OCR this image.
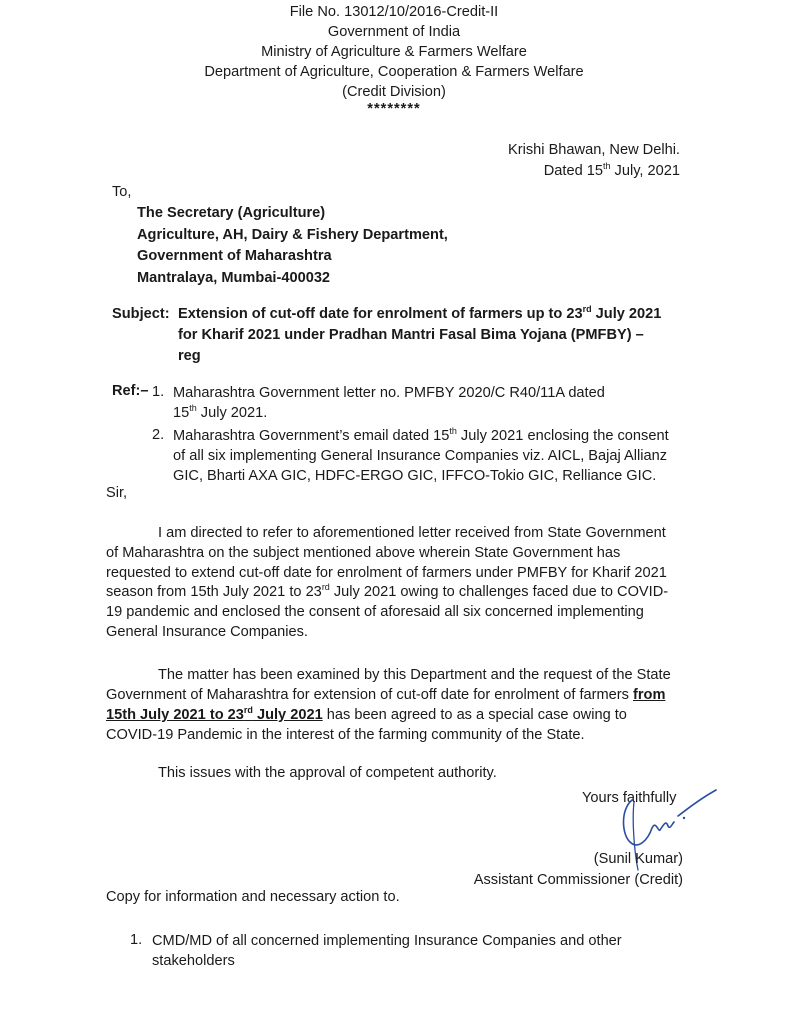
File No. 13012/10/2016-Credit-II
Government of India
Ministry of Agriculture & Farmers Welfare
Department of Agriculture, Cooperation & Farmers Welfare
(Credit Division)
********
Krishi Bhawan, New Delhi.
Dated 15th July, 2021
To,
The Secretary (Agriculture)
Agriculture, AH, Dairy & Fishery Department,
Government of Maharashtra
Mantralaya, Mumbai-400032
Subject: Extension of cut-off date for enrolment of farmers up to 23rd July 2021
for Kharif 2021 under Pradhan Mantri Fasal Bima Yojana (PMFBY) –
reg
Ref:– 1. Maharashtra Government letter no. PMFBY 2020/C R40/11A dated
15th July 2021.
2. Maharashtra Government’s email dated 15th July 2021 enclosing the consent
of all six implementing General Insurance Companies viz. AICL, Bajaj Allianz
GIC, Bharti AXA GIC, HDFC-ERGO GIC, IFFCO-Tokio GIC, Relliance GIC.
Sir,
I am directed to refer to aforementioned letter received from State Government
of Maharashtra on the subject mentioned above wherein State Government has
requested to extend cut-off date for enrolment of farmers under PMFBY for Kharif 2021
season from 15th July 2021 to 23rd July 2021 owing to challenges faced due to COVID-
19 pandemic and enclosed the consent of aforesaid all six concerned implementing
General Insurance Companies.
The matter has been examined by this Department and the request of the State
Government of Maharashtra for extension of cut-off date for enrolment of farmers from
15th July 2021 to 23rd July 2021 has been agreed to as a special case owing to
COVID-19 Pandemic in the interest of the farming community of the State.
This issues with the approval of competent authority.
Yours faithfully
(Sunil Kumar)
Assistant Commissioner (Credit)
Copy for information and necessary action to.
1. CMD/MD of all concerned implementing Insurance Companies and other
stakeholders
